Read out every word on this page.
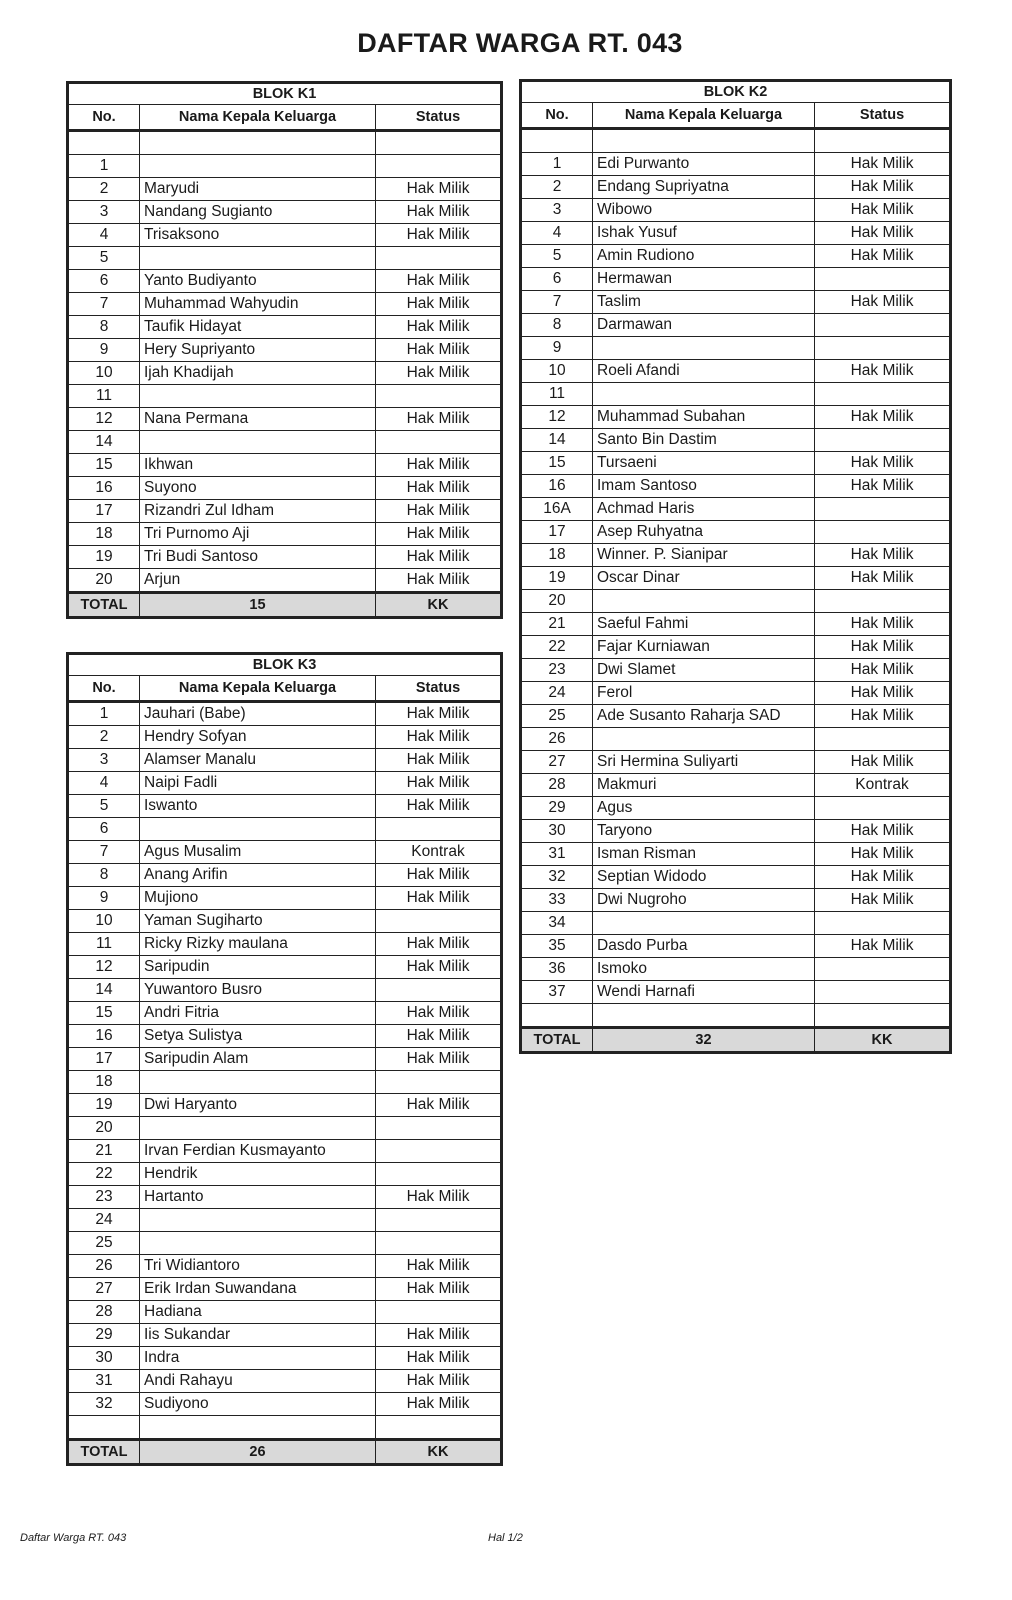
DAFTAR WARGA RT. 043
BLOK K1		
No.	Nama Kepala Keluarga	Status

1		
2	Maryudi	Hak Milik
3	Nandang Sugianto	Hak Milik
4	Trisaksono	Hak Milik
5		
6	Yanto Budiyanto	Hak Milik
7	Muhammad Wahyudin	Hak Milik
8	Taufik Hidayat	Hak Milik
9	Hery Supriyanto	Hak Milik
10	Ijah Khadijah	Hak Milik
11		
12	Nana Permana	Hak Milik
14		
15	Ikhwan	Hak Milik
16	Suyono	Hak Milik
17	Rizandri Zul Idham	Hak Milik
18	Tri Purnomo Aji	Hak Milik
19	Tri Budi Santoso	Hak Milik
20	Arjun	Hak Milik
TOTAL	15	KK
BLOK K2		
No.	Nama Kepala Keluarga	Status

1	Edi Purwanto	Hak Milik
2	Endang Supriyatna	Hak Milik
3	Wibowo	Hak Milik
4	Ishak Yusuf	Hak Milik
5	Amin Rudiono	Hak Milik
6	Hermawan	
7	Taslim	Hak Milik
8	Darmawan	
9		
10	Roeli Afandi	Hak Milik
11		
12	Muhammad Subahan	Hak Milik
14	Santo Bin Dastim	
15	Tursaeni	Hak Milik
16	Imam Santoso	Hak Milik
16A	Achmad Haris	
17	Asep Ruhyatna	
18	Winner. P. Sianipar	Hak Milik
19	Oscar Dinar	Hak Milik
20		
21	Saeful Fahmi	Hak Milik
22	Fajar Kurniawan	Hak Milik
23	Dwi Slamet	Hak Milik
24	Ferol	Hak Milik
25	Ade Susanto Raharja SAD	Hak Milik
26		
27	Sri Hermina Suliyarti	Hak Milik
28	Makmuri	Kontrak
29	Agus	
30	Taryono	Hak Milik
31	Isman Risman	Hak Milik
32	Septian Widodo	Hak Milik
33	Dwi Nugroho	Hak Milik
34		
35	Dasdo Purba	Hak Milik
36	Ismoko	
37	Wendi Harnafi	

TOTAL	32	KK
BLOK K3		
No.	Nama Kepala Keluarga	Status
1	Jauhari (Babe)	Hak Milik
2	Hendry Sofyan	Hak Milik
3	Alamser Manalu	Hak Milik
4	Naipi Fadli	Hak Milik
5	Iswanto	Hak Milik
6		
7	Agus Musalim	Kontrak
8	Anang Arifin	Hak Milik
9	Mujiono	Hak Milik
10	Yaman Sugiharto	
11	Ricky Rizky maulana	Hak Milik
12	Saripudin	Hak Milik
14	Yuwantoro Busro	
15	Andri Fitria	Hak Milik
16	Setya Sulistya	Hak Milik
17	Saripudin Alam	Hak Milik
18		
19	Dwi Haryanto	Hak Milik
20		
21	Irvan Ferdian Kusmayanto	
22	Hendrik	
23	Hartanto	Hak Milik
24		
25		
26	Tri Widiantoro	Hak Milik
27	Erik Irdan Suwandana	Hak Milik
28	Hadiana	
29	Iis Sukandar	Hak Milik
30	Indra	Hak Milik
31	Andi Rahayu	Hak Milik
32	Sudiyono	Hak Milik

TOTAL	26	KK
Daftar Warga RT. 043	Hal 1/2
